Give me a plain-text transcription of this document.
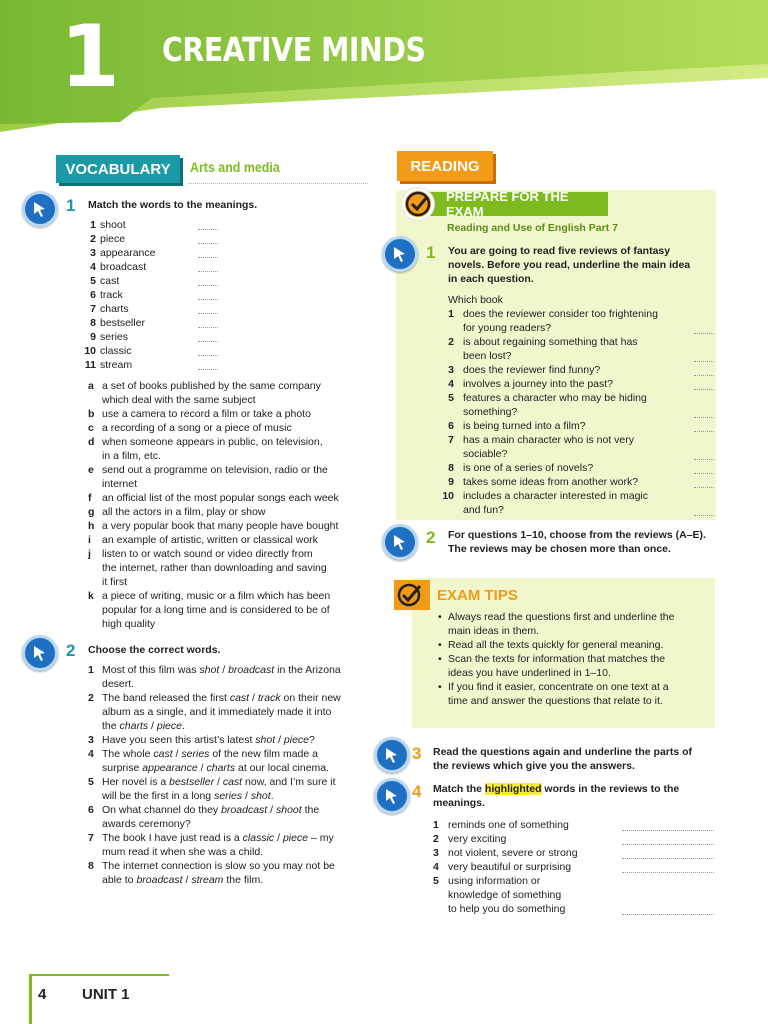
1 CREATIVE MINDS
VOCABULARY	Arts and media
1 Match the words to the meanings.
1 shoot
2 piece
3 appearance
4 broadcast
5 cast
6 track
7 charts
8 bestseller
9 series
10 classic
11 stream
a a set of books published by the same company
which deal with the same subject
b use a camera to record a film or take a photo
c a recording of a song or a piece of music
d when someone appears in public, on television,
in a film, etc.
e send out a programme on television, radio or the
internet
f an official list of the most popular songs each week
g all the actors in a film, play or show
h a very popular book that many people have bought
i an example of artistic, written or classical work
j listen to or watch sound or video directly from
the internet, rather than downloading and saving
it first
k a piece of writing, music or a film which has been
popular for a long time and is considered to be of
high quality
2 Choose the correct words.
1 Most of this film was shot / broadcast in the Arizona
desert.
2 The band released the first cast / track on their new
album as a single, and it immediately made it into
the charts / piece.
3 Have you seen this artist’s latest shot / piece?
4 The whole cast / series of the new film made a
surprise appearance / charts at our local cinema.
5 Her novel is a bestseller / cast now, and I’m sure it
will be the first in a long series / shot.
6 On what channel do they broadcast / shoot the
awards ceremony?
7 The book I have just read is a classic / piece – my
mum read it when she was a child.
8 The internet connection is slow so you may not be
able to broadcast / stream the film.
READING
PREPARE FOR THE EXAM
Reading and Use of English Part 7
1 You are going to read five reviews of fantasy
novels. Before you read, underline the main idea
in each question.
Which book
1 does the reviewer consider too frightening
for young readers?
2 is about regaining something that has
been lost?
3 does the reviewer find funny?
4 involves a journey into the past?
5 features a character who may be hiding
something?
6 is being turned into a film?
7 has a main character who is not very
sociable?
8 is one of a series of novels?
9 takes some ideas from another work?
10 includes a character interested in magic
and fun?
2 For questions 1–10, choose from the reviews (A–E).
The reviews may be chosen more than once.
EXAM TIPS
• Always read the questions first and underline the
main ideas in them.
• Read all the texts quickly for general meaning.
• Scan the texts for information that matches the
ideas you have underlined in 1–10.
• If you find it easier, concentrate on one text at a
time and answer the questions that relate to it.
3 Read the questions again and underline the parts of
the reviews which give you the answers.
4 Match the highlighted words in the reviews to the
meanings.
1 reminds one of something
2 very exciting
3 not violent, severe or strong
4 very beautiful or surprising
5 using information or
knowledge of something
to help you do something
4 UNIT 1
